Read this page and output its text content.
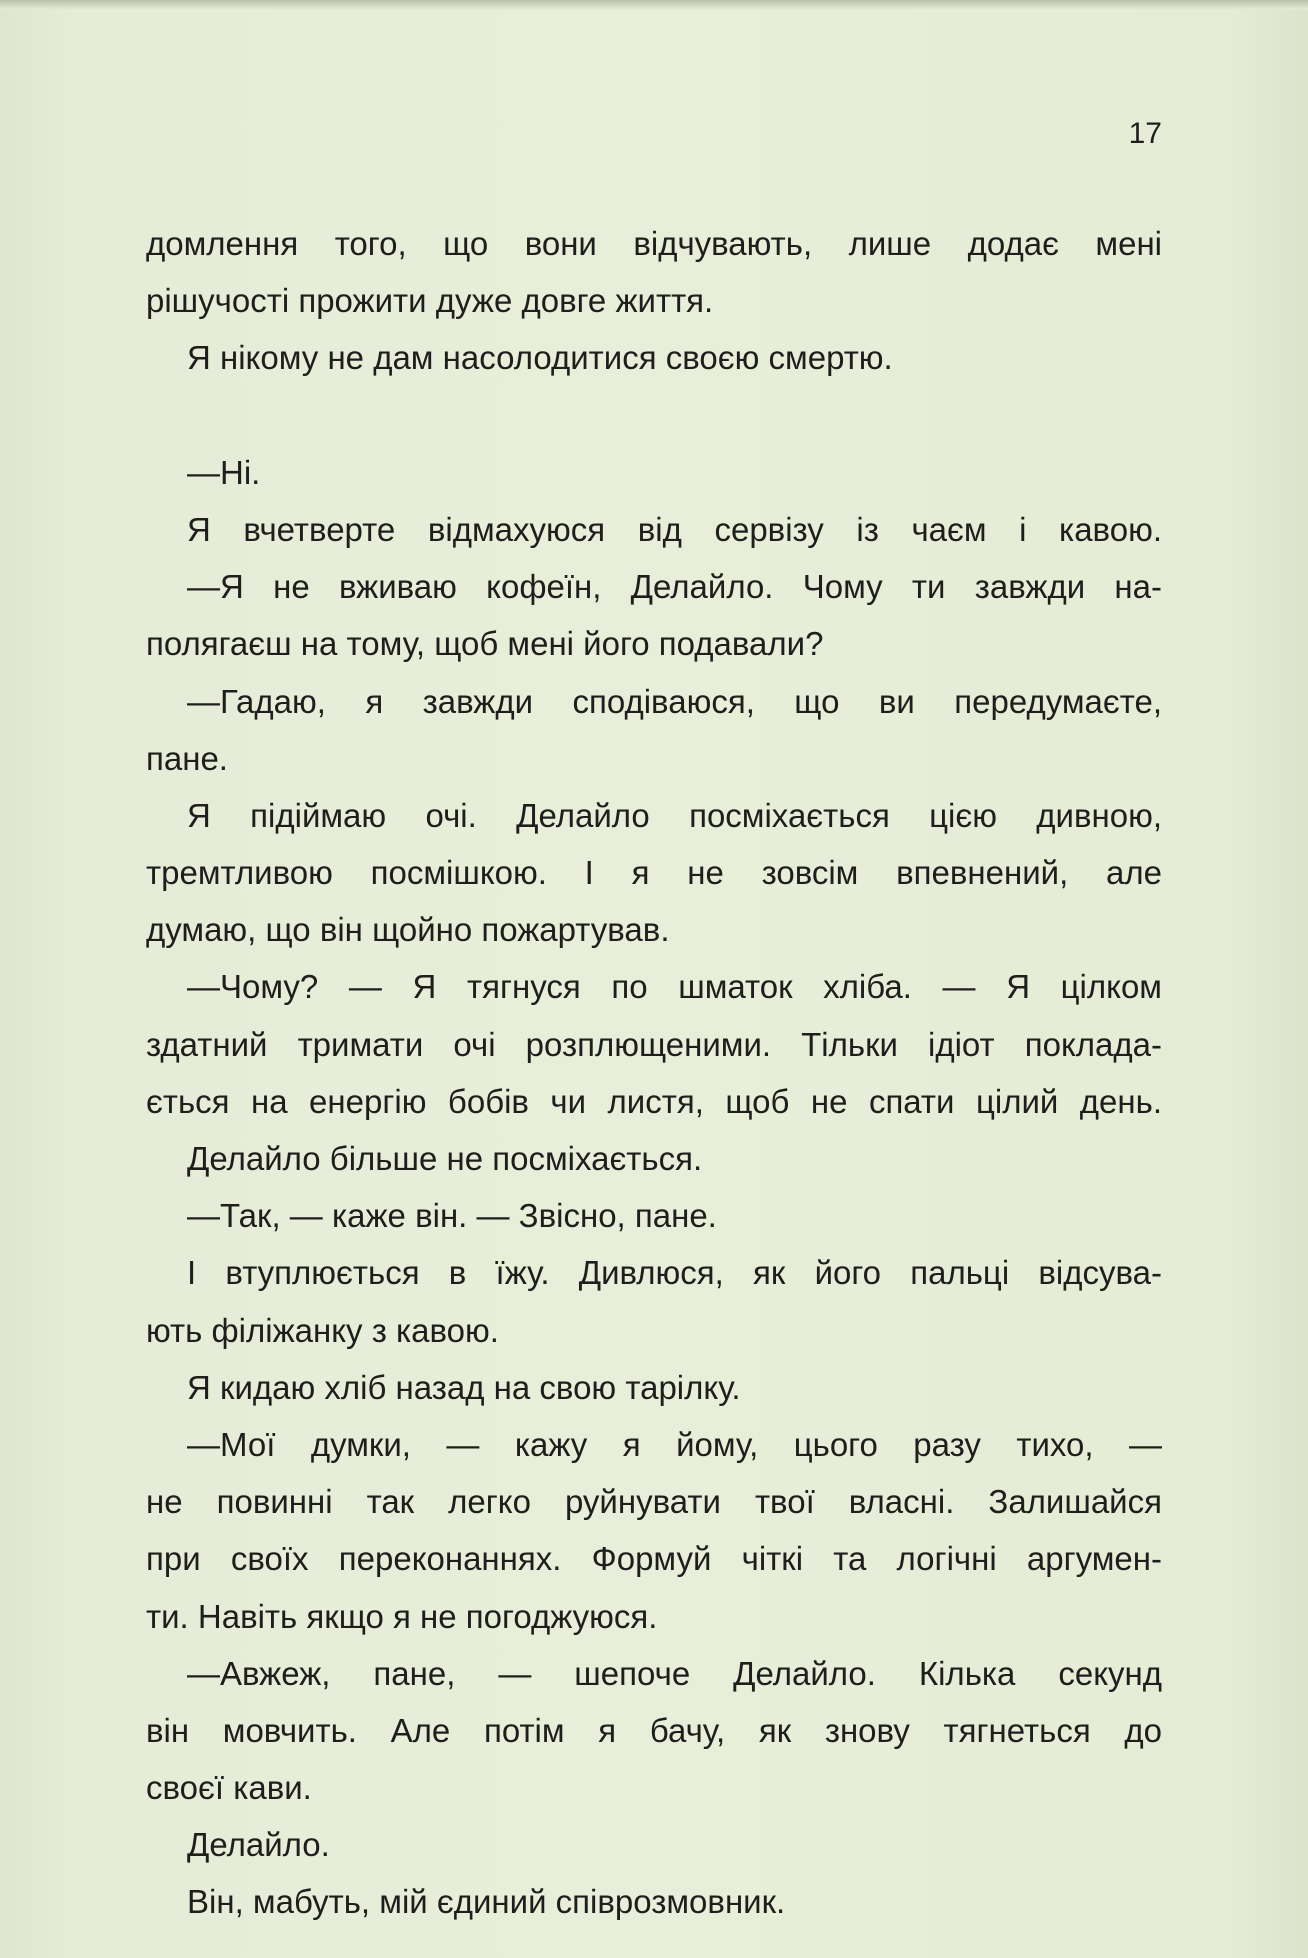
17
домлення того, що вони відчувають, лише додає мені
рішучості прожити дуже довге життя.
Я нікому не дам насолодитися своєю смертю.
—Ні.
Я вчетверте відмахуюся від сервізу із чаєм і кавою.
—Я не вживаю кофеїн, Делайло. Чому ти завжди на-
полягаєш на тому, щоб мені його подавали?
—Гадаю, я завжди сподіваюся, що ви передумаєте,
пане.
Я підіймаю очі. Делайло посміхається цією дивною,
тремтливою посмішкою. І я не зовсім впевнений, але
думаю, що він щойно пожартував.
—Чому? — Я тягнуся по шматок хліба. — Я цілком
здатний тримати очі розплющеними. Тільки ідіот поклада-
ється на енергію бобів чи листя, щоб не спати цілий день.
Делайло більше не посміхається.
—Так, — каже він. — Звісно, пане.
І втуплюється в їжу. Дивлюся, як його пальці відсува-
ють філіжанку з кавою.
Я кидаю хліб назад на свою тарілку.
—Мої думки, — кажу я йому, цього разу тихо, —
не повинні так легко руйнувати твої власні. Залишайся
при своїх переконаннях. Формуй чіткі та логічні аргумен-
ти. Навіть якщо я не погоджуюся.
—Авжеж, пане, — шепоче Делайло. Кілька секунд
він мовчить. Але потім я бачу, як знову тягнеться до
своєї кави.
Делайло.
Він, мабуть, мій єдиний співрозмовник.
